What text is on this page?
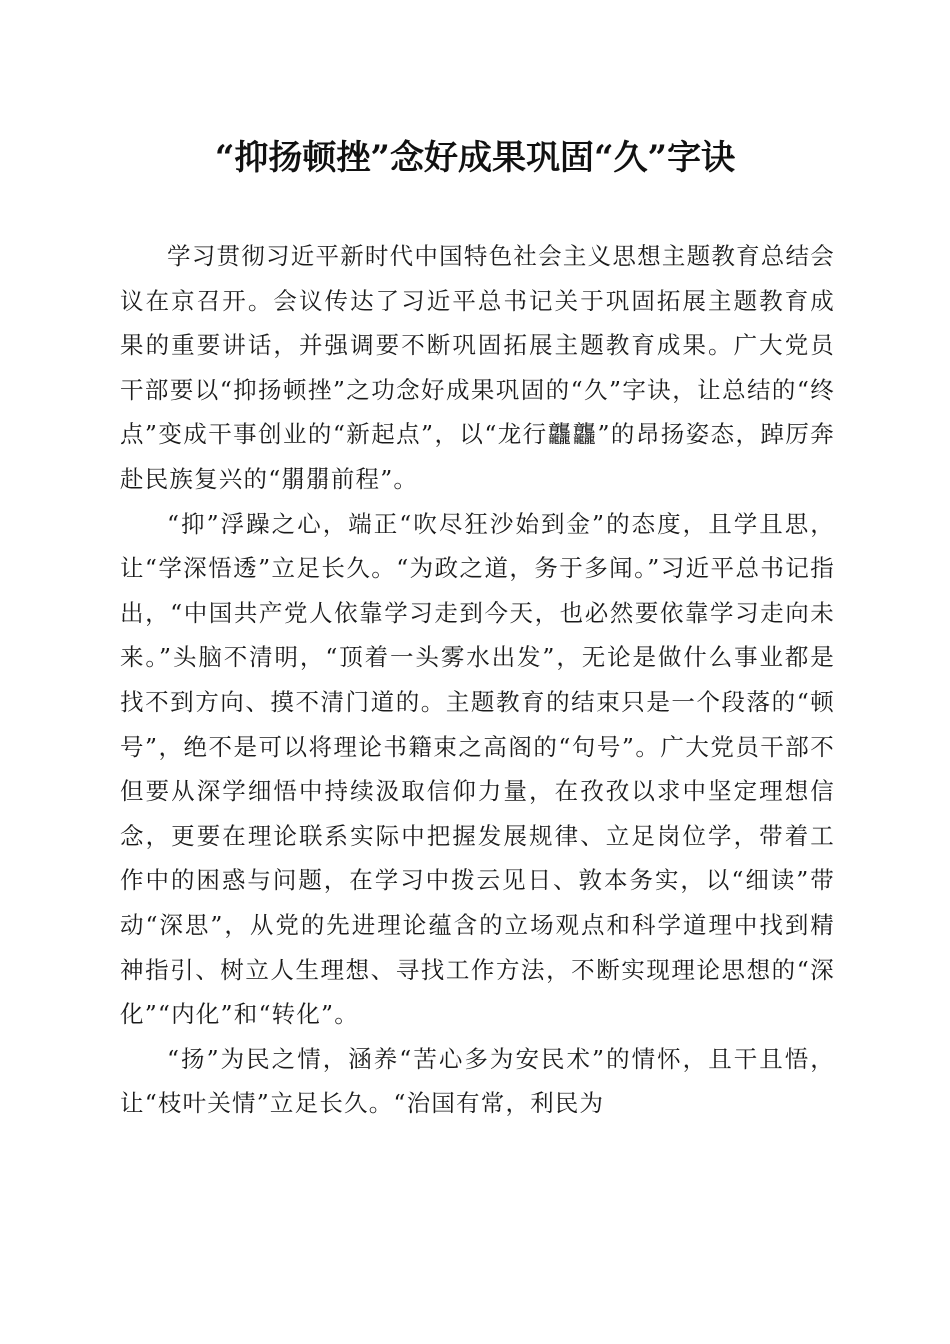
“抑扬顿挫”念好成果巩固“久”字诀

学习贯彻习近平新时代中国特色社会主义思想主题教育总结会议在京召开。会议传达了习近平总书记关于巩固拓展主题教育成果的重要讲话，并强调要不断巩固拓展主题教育成果。广大党员干部要以“抑扬顿挫”之功念好成果巩固的“久”字诀，让总结的“终点”变成干事创业的“新起点”，以“龙行龘龘”的昂扬姿态，踔厉奔赴民族复兴的“朤朤前程”。

“抑”浮躁之心，端正“吹尽狂沙始到金”的态度，且学且思，让“学深悟透”立足长久。“为政之道，务于多闻。”习近平总书记指出，“中国共产党人依靠学习走到今天，也必然要依靠学习走向未来。”头脑不清明，“顶着一头雾水出发”，无论是做什么事业都是找不到方向、摸不清门道的。主题教育的结束只是一个段落的“顿号”，绝不是可以将理论书籍束之高阁的“句号”。广大党员干部不但要从深学细悟中持续汲取信仰力量，在孜孜以求中坚定理想信念，更要在理论联系实际中把握发展规律、立足岗位学，带着工作中的困惑与问题，在学习中拨云见日、敦本务实，以“细读”带动“深思”，从党的先进理论蕴含的立场观点和科学道理中找到精神指引、树立人生理想、寻找工作方法，不断实现理论思想的“深化”“内化”和“转化”。

“扬”为民之情，涵养“苦心多为安民术”的情怀，且干且悟，让“枝叶关情”立足长久。“治国有常，利民为
